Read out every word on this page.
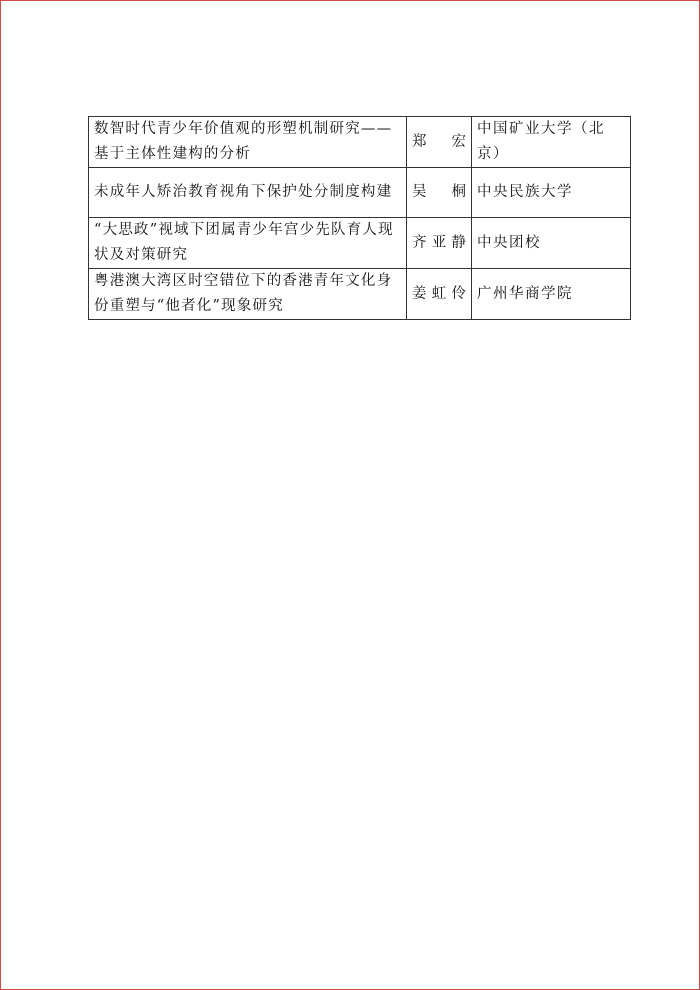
数智时代青少年价值观的形塑机制研究——基于主体性建构的分析	郑 宏	中国矿业大学（北京）
未成年人矫治教育视角下保护处分制度构建	吴 桐	中央民族大学
“大思政”视域下团属青少年宫少先队育人现状及对策研究	齐亚静	中央团校
粤港澳大湾区时空错位下的香港青年文化身份重塑与“他者化”现象研究	姜虹伶	广州华商学院
